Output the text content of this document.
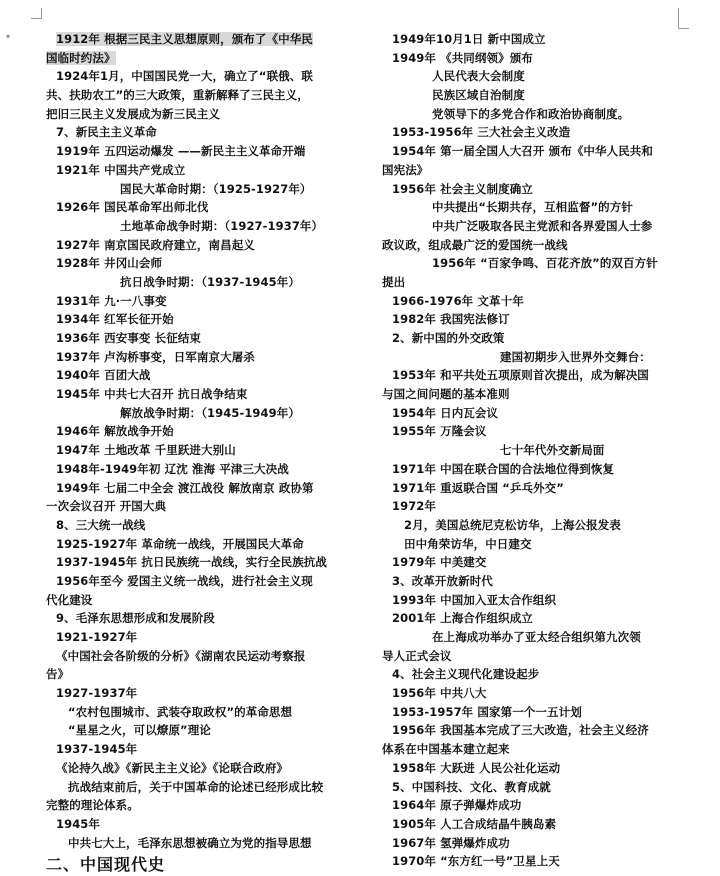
▾	1912年 根据三民主义思想原则，颁布了《中华民
国临时约法》
1924年1月，中国国民党一大，确立了“联俄、联
共、扶助农工”的三大政策，重新解释了三民主义，
把旧三民主义发展成为新三民主义
7、新民主主义革命
1919年 五四运动爆发 ——新民主主义革命开端
1921年 中国共产党成立
国民大革命时期：（1925-1927年）
1926年 国民革命军出师北伐
土地革命战争时期：（1927-1937年）
1927年 南京国民政府建立，南昌起义
1928年 井冈山会师
抗日战争时期：（1937-1945年）
1931年 九·一八事变
1934年 红军长征开始
1936年 西安事变 长征结束
1937年 卢沟桥事变，日军南京大屠杀
1940年 百团大战
1945年 中共七大召开 抗日战争结束
解放战争时期：（1945-1949年）
1946年 解放战争开始
1947年 土地改革 千里跃进大别山
1948年-1949年初 辽沈 淮海 平津三大决战
1949年 七届二中全会 渡江战役 解放南京 政协第
一次会议召开 开国大典
8、三大统一战线
1925-1927年 革命统一战线，开展国民大革命
1937-1945年 抗日民族统一战线，实行全民族抗战
1956年至今 爱国主义统一战线，进行社会主义现
代化建设
9、毛泽东思想形成和发展阶段
1921-1927年
《中国社会各阶级的分析》《湖南农民运动考察报
告》
1927-1937年
“农村包围城市、武装夺取政权”的革命思想
“星星之火，可以燎原”理论
1937-1945年
《论持久战》《新民主主义论》《论联合政府》
抗战结束前后，关于中国革命的论述已经形成比较
完整的理论体系。
1945年
中共七大上，毛泽东思想被确立为党的指导思想
二、中国现代史
1949年10月1日 新中国成立
1949年 《共同纲领》颁布
人民代表大会制度
民族区域自治制度
党领导下的多党合作和政治协商制度。
1953-1956年 三大社会主义改造
1954年 第一届全国人大召开 颁布《中华人民共和
国宪法》
1956年 社会主义制度确立
中共提出“长期共存，互相监督”的方针
中共广泛吸取各民主党派和各界爱国人士参
政议政，组成最广泛的爱国统一战线
1956年 “百家争鸣、百花齐放”的双百方针
提出
1966-1976年 文革十年
1982年 我国宪法修订
2、新中国的外交政策
建国初期步入世界外交舞台：
1953年 和平共处五项原则首次提出，成为解决国
与国之间问题的基本准则
1954年 日内瓦会议
1955年 万隆会议
七十年代外交新局面
1971年 中国在联合国的合法地位得到恢复
1971年 重返联合国 “乒乓外交”
1972年
2月，美国总统尼克松访华，上海公报发表
田中角荣访华，中日建交
1979年 中美建交
3、改革开放新时代
1993年 中国加入亚太合作组织
2001年 上海合作组织成立
在上海成功举办了亚太经合组织第九次领
导人正式会议
4、社会主义现代化建设起步
1956年 中共八大
1953-1957年 国家第一个一五计划
1956年 我国基本完成了三大改造，社会主义经济
体系在中国基本建立起来
1958年 大跃进 人民公社化运动
5、中国科技、文化、教育成就
1964年 原子弹爆炸成功
1905年 人工合成结晶牛胰岛素
1967年 氢弹爆炸成功
1970年 “东方红一号”卫星上天
